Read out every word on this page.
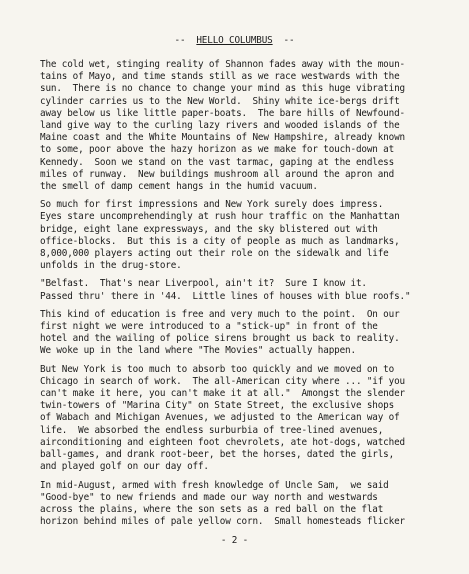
-- HELLO COLUMBUS --
The cold wet, stinging reality of Shannon fades away with the moun-
tains of Mayo, and time stands still as we race westwards with the
sun.  There is no chance to change your mind as this huge vibrating
cylinder carries us to the New World.  Shiny white ice-bergs drift
away below us like little paper-boats.  The bare hills of Newfound-
land give way to the curling lazy rivers and wooded islands of the
Maine coast and the White Mountains of New Hampshire, already known
to some, poor above the hazy horizon as we make for touch-down at
Kennedy.  Soon we stand on the vast tarmac, gaping at the endless
miles of runway.  New buildings mushroom all around the apron and
the smell of damp cement hangs in the humid vacuum.
So much for first impressions and New York surely does impress.
Eyes stare uncomprehendingly at rush hour traffic on the Manhattan
bridge, eight lane expressways, and the sky blistered out with
office-blocks.  But this is a city of people as much as landmarks,
8,000,000 players acting out their role on the sidewalk and life
unfolds in the drug-store.
"Belfast.  That's near Liverpool, ain't it?  Sure I know it.
Passed thru' there in '44.  Little lines of houses with blue roofs."
This kind of education is free and very much to the point.  On our
first night we were introduced to a "stick-up" in front of the
hotel and the wailing of police sirens brought us back to reality.
We woke up in the land where "The Movies" actually happen.
But New York is too much to absorb too quickly and we moved on to
Chicago in search of work.  The all-American city where ... "if you
can't make it here, you can't make it at all."  Amongst the slender
twin-towers of "Marina City" on State Street, the exclusive shops
of Wabach and Michigan Avenues, we adjusted to the American way of
life.  We absorbed the endless surburbia of tree-lined avenues,
airconditioning and eighteen foot chevrolets, ate hot-dogs, watched
ball-games, and drank root-beer, bet the horses, dated the girls,
and played golf on our day off.
In mid-August, armed with fresh knowledge of Uncle Sam,  we said
"Good-bye" to new friends and made our way north and westwards
across the plains, where the son sets as a red ball on the flat
horizon behind miles of pale yellow corn.  Small homesteads flicker
- 2 -
